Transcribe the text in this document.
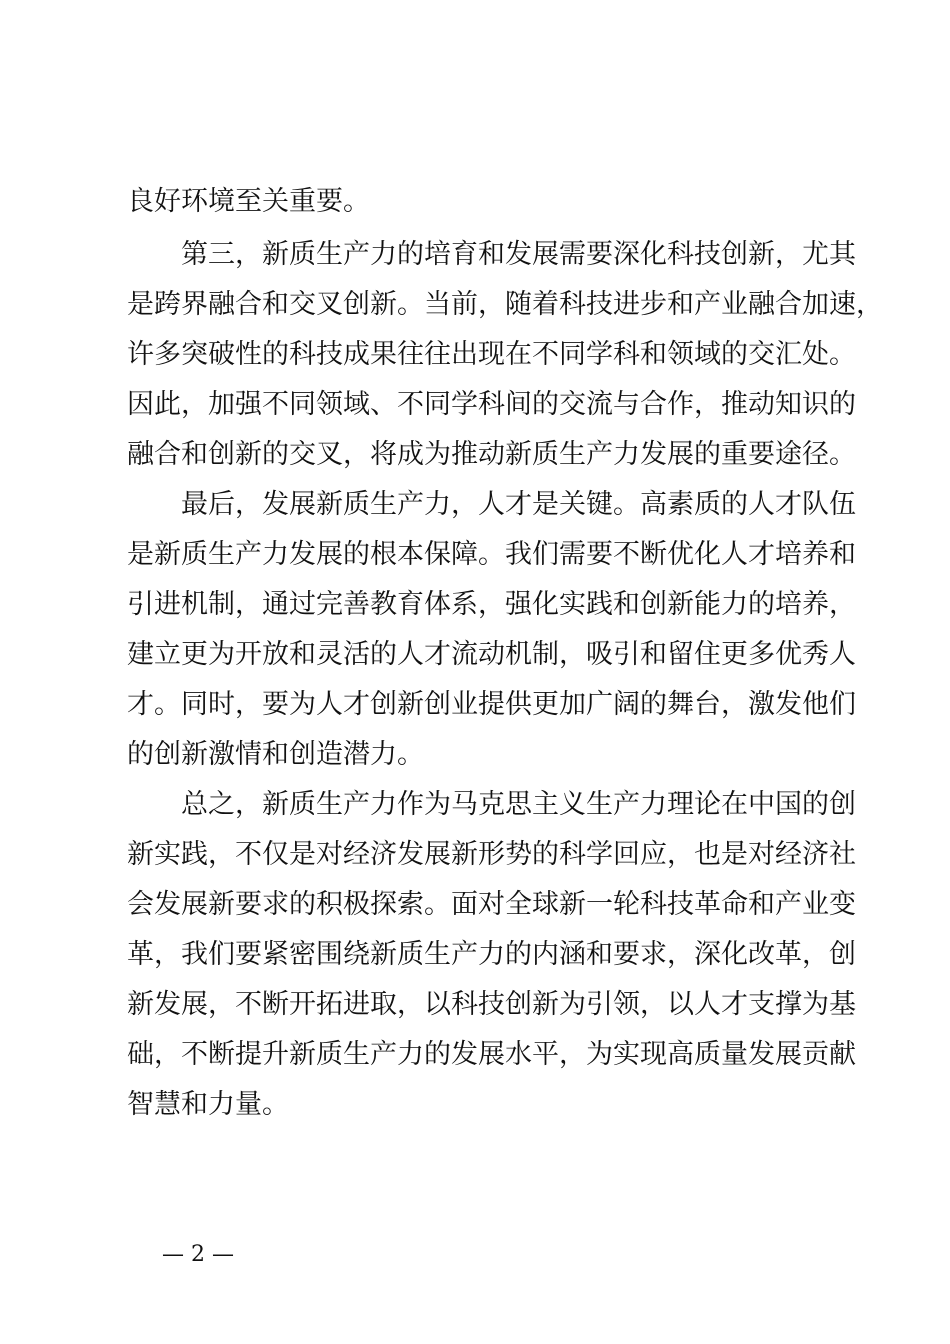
良好环境至关重要。
第三，新质生产力的培育和发展需要深化科技创新，尤其
是跨界融合和交叉创新。当前，随着科技进步和产业融合加速，
许多突破性的科技成果往往出现在不同学科和领域的交汇处。
因此，加强不同领域、不同学科间的交流与合作，推动知识的
融合和创新的交叉，将成为推动新质生产力发展的重要途径。
最后，发展新质生产力，人才是关键。高素质的人才队伍
是新质生产力发展的根本保障。我们需要不断优化人才培养和
引进机制，通过完善教育体系，强化实践和创新能力的培养，
建立更为开放和灵活的人才流动机制，吸引和留住更多优秀人
才。同时，要为人才创新创业提供更加广阔的舞台，激发他们
的创新激情和创造潜力。
总之，新质生产力作为马克思主义生产力理论在中国的创
新实践，不仅是对经济发展新形势的科学回应，也是对经济社
会发展新要求的积极探索。面对全球新一轮科技革命和产业变
革，我们要紧密围绕新质生产力的内涵和要求，深化改革，创
新发展，不断开拓进取，以科技创新为引领，以人才支撑为基
础，不断提升新质生产力的发展水平，为实现高质量发展贡献
智慧和力量。
— 2 —
